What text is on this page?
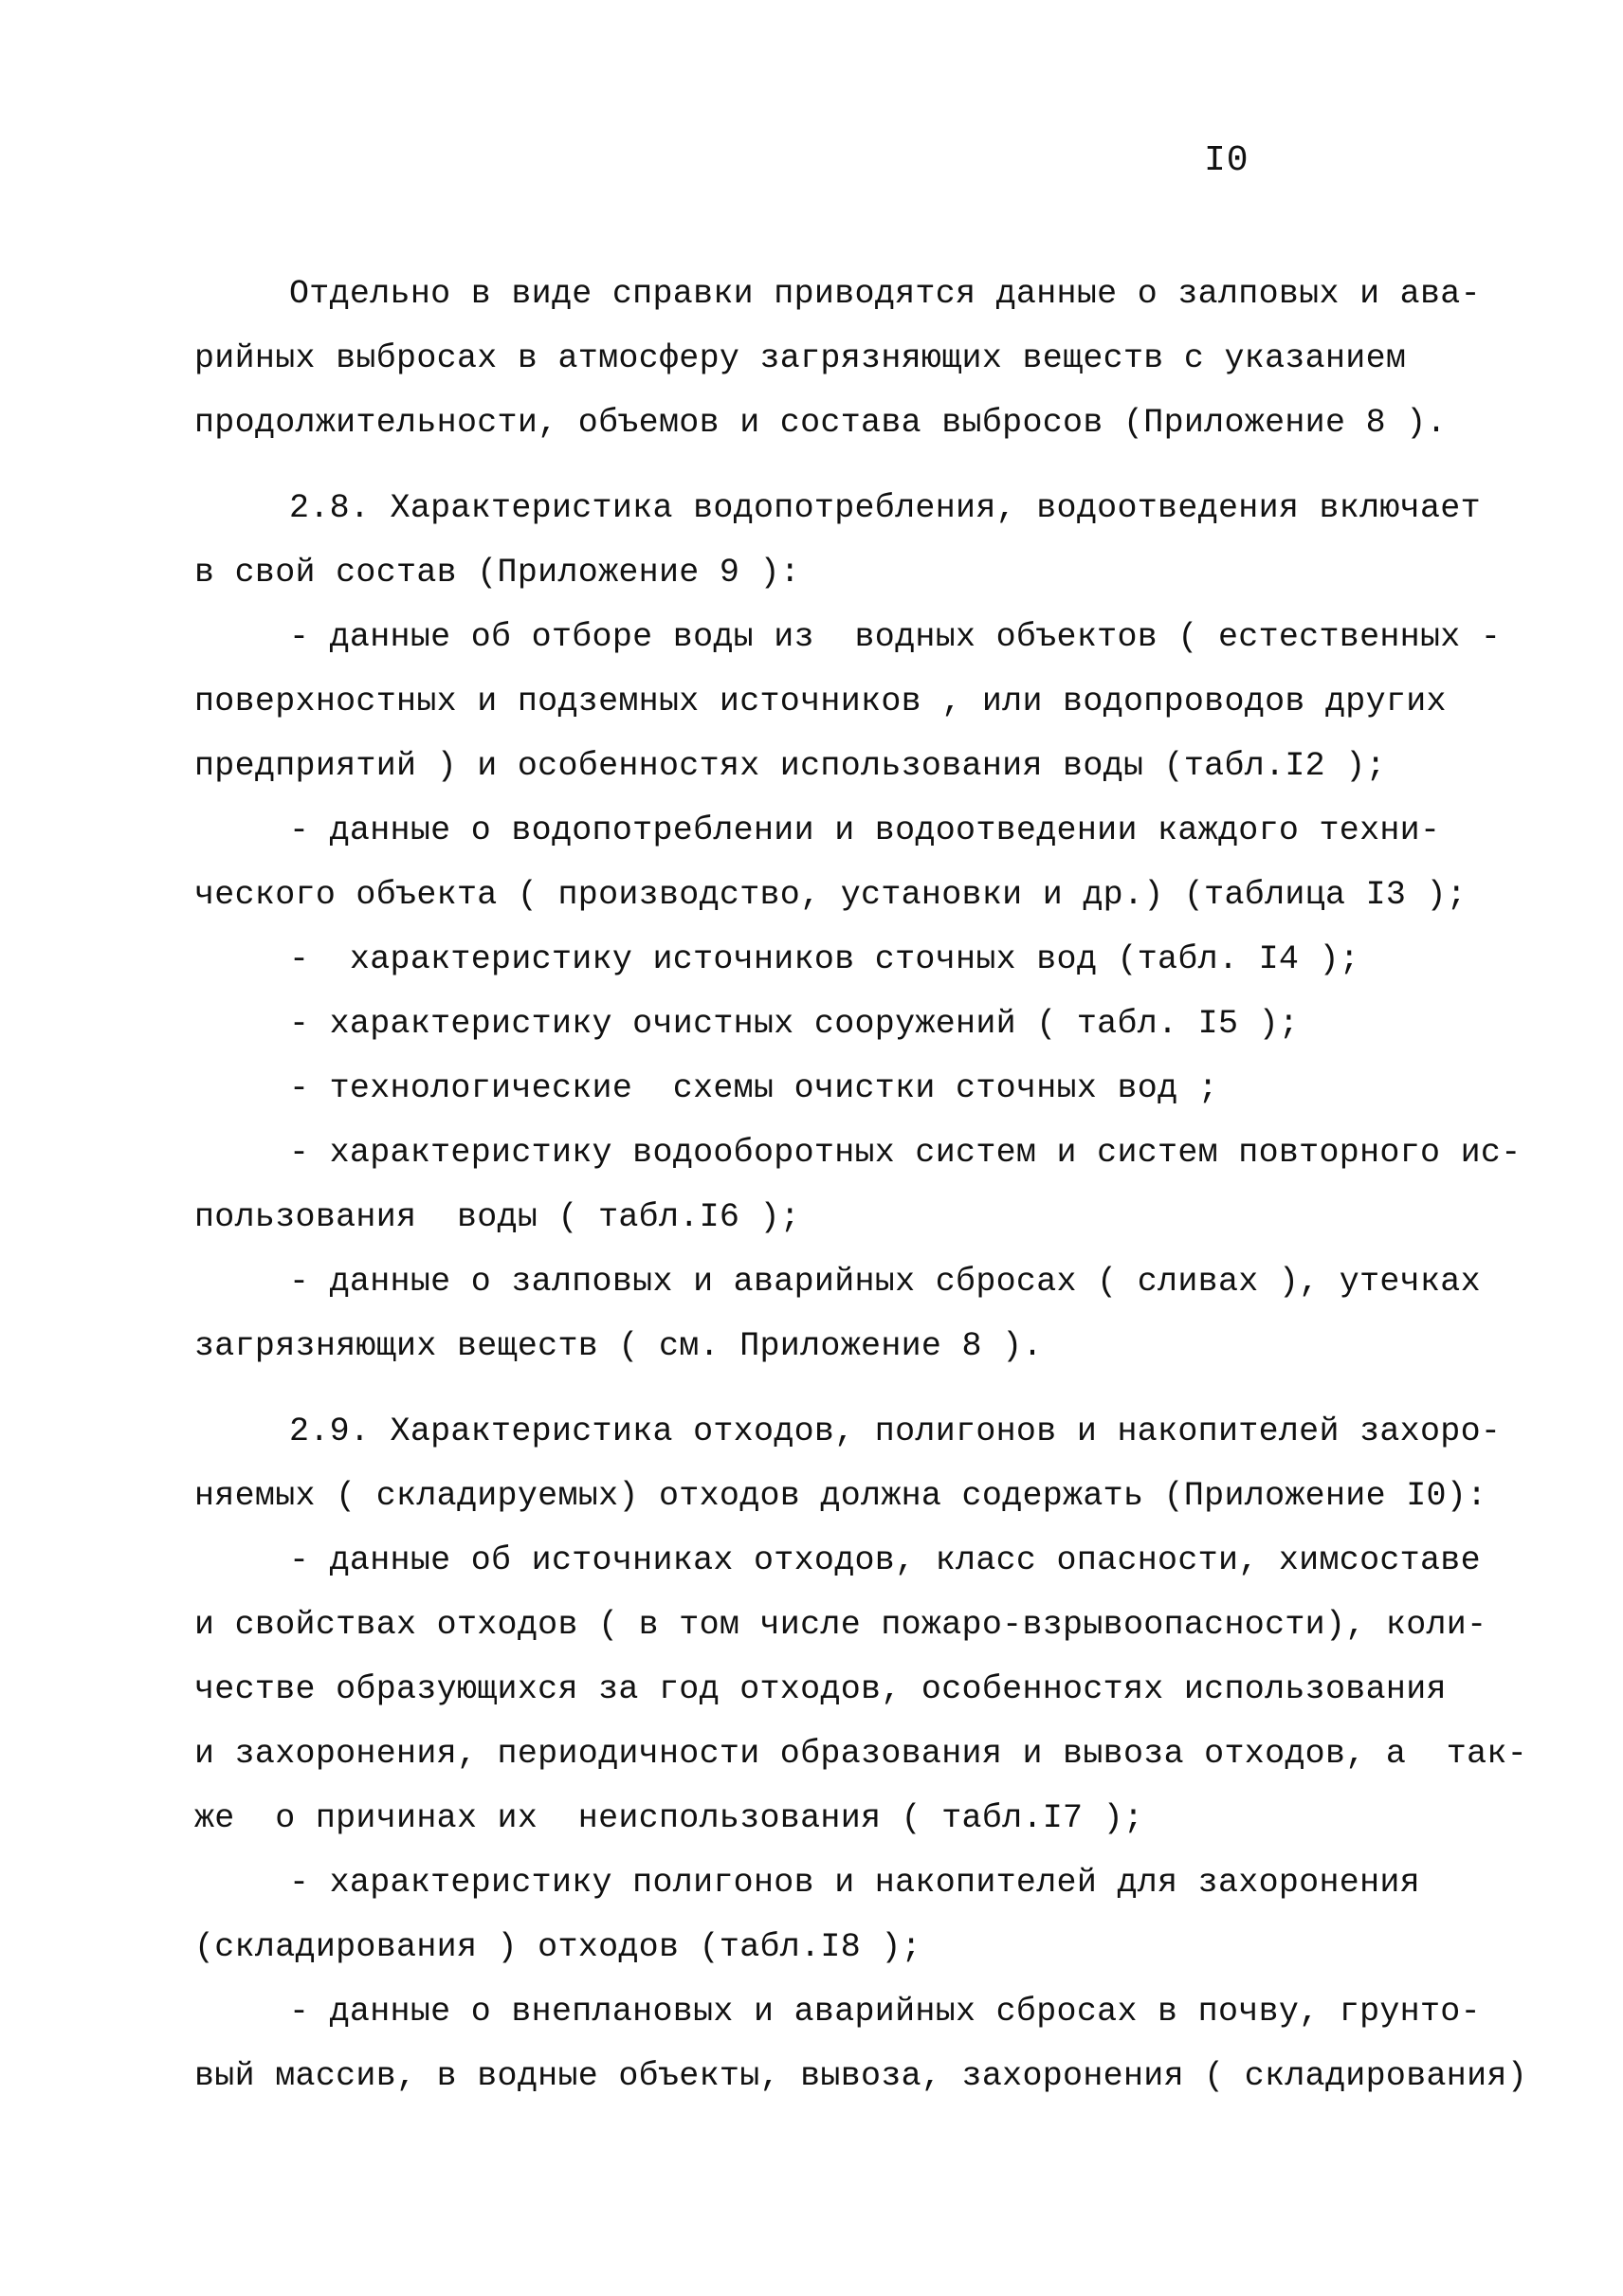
I0
Отдельно в виде справки приводятся данные о залповых и ава-
рийных выбросах в атмосферу загрязняющих веществ с указанием
продолжительности, объемов и состава выбросов (Приложение 8 ).
2.8. Характеристика водопотребления, водоотведения включает
в свой состав (Приложение 9 ):
- данные об отборе воды из  водных объектов ( естественных -
поверхностных и подземных источников , или водопроводов других
предприятий ) и особенностях использования воды (табл.I2 );
- данные о водопотреблении и водоотведении каждого техни-
ческого объекта ( производство, установки и др.) (таблица I3 );
-  характеристику источников сточных вод (табл. I4 );
- характеристику очистных сооружений ( табл. I5 );
- технологические  схемы очистки сточных вод ;
- характеристику водооборотных систем и систем повторного ис-
пользования  воды ( табл.I6 );
- данные о залповых и аварийных сбросах ( сливах ), утечках
загрязняющих веществ ( см. Приложение 8 ).
2.9. Характеристика отходов, полигонов и накопителей захоро-
няемых ( складируемых) отходов должна содержать (Приложение I0):
- данные об источниках отходов, класс опасности, химсоставе
и свойствах отходов ( в том числе пожаро-взрывоопасности), коли-
честве образующихся за год отходов, особенностях использования
и захоронения, периодичности образования и вывоза отходов, а  так-
же  о причинах их  неиспользования ( табл.I7 );
- характеристику полигонов и накопителей для захоронения
(складирования ) отходов (табл.I8 );
- данные о внеплановых и аварийных сбросах в почву, грунто-
вый массив, в водные объекты, вывоза, захоронения ( складирования)
